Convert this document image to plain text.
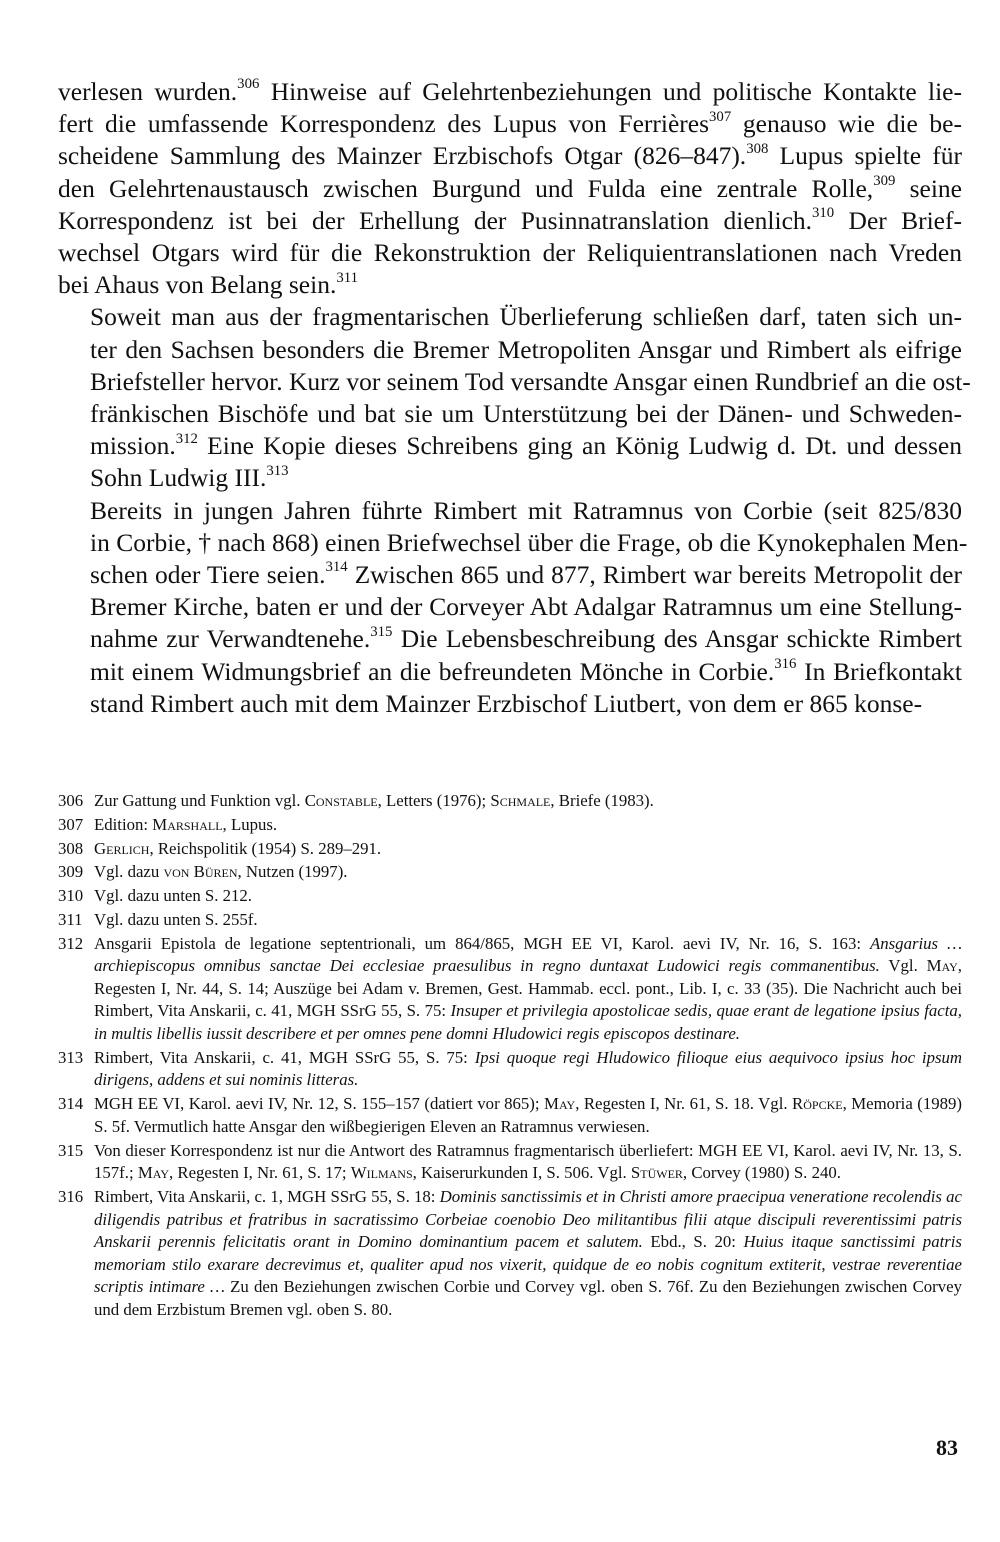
verlesen wurden.$^{306}$ Hinweise auf Gelehrtenbeziehungen und politische Kontakte lie-
fert die umfassende Korrespondenz des Lupus von Ferrières$^{307}$ genauso wie die be-
scheidene Sammlung des Mainzer Erzbischofs Otgar (826–847).$^{308}$ Lupus spielte für
den Gelehrtenaustausch zwischen Burgund und Fulda eine zentrale Rolle,$^{309}$ seine
Korrespondenz ist bei der Erhellung der Pusinnatranslation dienlich.$^{310}$ Der Brief-
wechsel Otgars wird für die Rekonstruktion der Reliquientranslationen nach Vreden
bei Ahaus von Belang sein.$^{311}$

Soweit man aus der fragmentarischen Überlieferung schließen darf, taten sich un-
ter den Sachsen besonders die Bremer Metropoliten Ansgar und Rimbert als eifrige
Briefsteller hervor. Kurz vor seinem Tod versandte Ansgar einen Rundbrief an die ost-
fränkischen Bischöfe und bat sie um Unterstützung bei der Dänen- und Schweden-
mission.$^{312}$ Eine Kopie dieses Schreibens ging an König Ludwig d. Dt. und dessen
Sohn Ludwig III.$^{313}$

Bereits in jungen Jahren führte Rimbert mit Ratramnus von Corbie (seit 825/830
in Corbie, † nach 868) einen Briefwechsel über die Frage, ob die Kynokephalen Men-
schen oder Tiere seien.$^{314}$ Zwischen 865 und 877, Rimbert war bereits Metropolit der
Bremer Kirche, baten er und der Corveyer Abt Adalgar Ratramnus um eine Stellung-
nahme zur Verwandtenehe.$^{315}$ Die Lebensbeschreibung des Ansgar schickte Rimbert
mit einem Widmungsbrief an die befreundeten Mönche in Corbie.$^{316}$ In Briefkontakt
stand Rimbert auch mit dem Mainzer Erzbischof Liutbert, von dem er 865 konse-

306 Zur Gattung und Funktion vgl. Constable, Letters (1976); Schmale, Briefe (1983).
307 Edition: Marshall, Lupus.
308 Gerlich, Reichspolitik (1954) S. 289–291.
309 Vgl. dazu von Büren, Nutzen (1997).
310 Vgl. dazu unten S. 212.
311 Vgl. dazu unten S. 255f.
312 Ansgarii Epistola de legatione septentrionali, um 864/865, MGH EE VI, Karol. aevi IV, Nr. 16, S. 163: Ansgarius … archiepiscopus omnibus sanctae Dei ecclesiae praesulibus in regno duntaxat Ludowici regis commanentibus. Vgl. May, Regesten I, Nr. 44, S. 14; Auszüge bei Adam v. Bremen, Gest. Hammab. eccl. pont., Lib. I, c. 33 (35). Die Nachricht auch bei Rimbert, Vita Anskarii, c. 41, MGH SSrG 55, S. 75: Insuper et privilegia apostolicae sedis, quae erant de legatione ipsius facta, in multis libellis iussit describere et per omnes pene domni Hludowici regis episcopos destinare.
313 Rimbert, Vita Anskarii, c. 41, MGH SSrG 55, S. 75: Ipsi quoque regi Hludowico filioque eius aequivoco ipsius hoc ipsum dirigens, addens et sui nominis litteras.
314 MGH EE VI, Karol. aevi IV, Nr. 12, S. 155–157 (datiert vor 865); May, Regesten I, Nr. 61, S. 18. Vgl. Röpcke, Memoria (1989) S. 5f. Vermutlich hatte Ansgar den wißbegierigen Eleven an Ratramnus verwiesen.
315 Von dieser Korrespondenz ist nur die Antwort des Ratramnus fragmentarisch überliefert: MGH EE VI, Karol. aevi IV, Nr. 13, S. 157f.; May, Regesten I, Nr. 61, S. 17; Wilmans, Kaiserurkunden I, S. 506. Vgl. Stüwer, Corvey (1980) S. 240.
316 Rimbert, Vita Anskarii, c. 1, MGH SSrG 55, S. 18: Dominis sanctissimis et in Christi amore praecipua veneratione recolendis ac diligendis patribus et fratribus in sacratissimo Corbeiae coenobio Deo militantibus filii atque discipuli reverentissimi patris Anskarii perennis felicitatis orant in Domino dominantium pacem et salutem. Ebd., S. 20: Huius itaque sanctissimi patris memoriam stilo exarare decrevimus et, qualiter apud nos vixerit, quidque de eo nobis cognitum extiterit, vestrae reverentiae scriptis intimare … Zu den Beziehungen zwischen Corbie und Corvey vgl. oben S. 76f. Zu den Beziehungen zwischen Corvey und dem Erzbistum Bremen vgl. oben S. 80.
83
